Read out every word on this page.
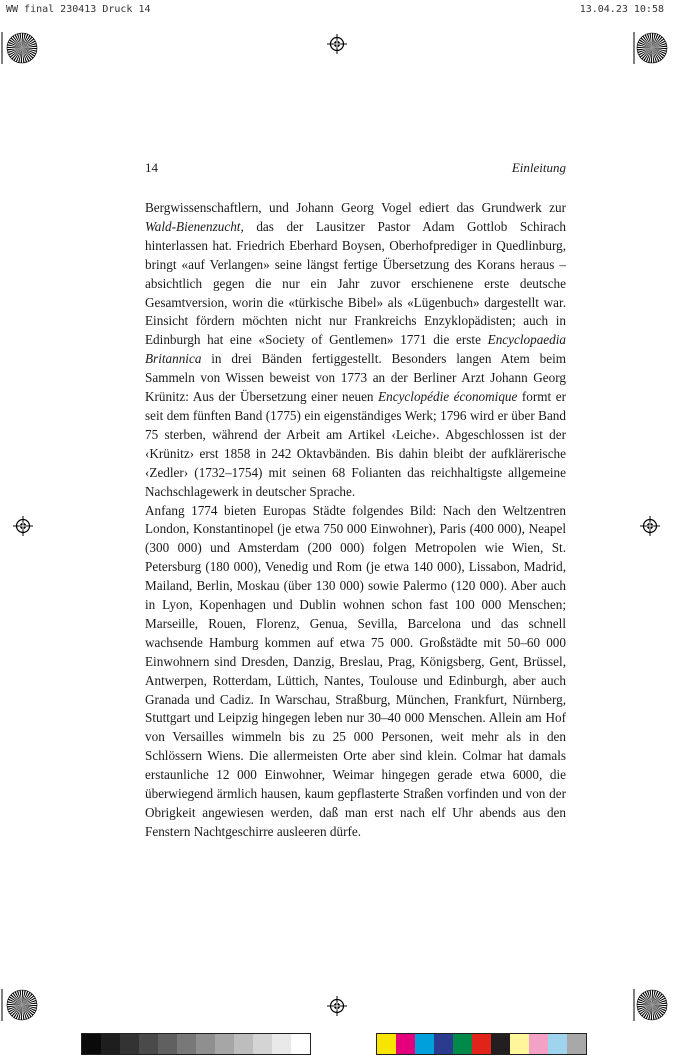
WW final 230413 Druck 14	13.04.23 10:58
14	Einleitung

Bergwissenschaftlern, und Johann Georg Vogel ediert das Grundwerk zur Wald-Bienenzucht, das der Lausitzer Pastor Adam Gottlob Schirach hinterlassen hat. Friedrich Eberhard Boysen, Oberhofprediger in Quedlinburg, bringt «auf Verlangen» seine längst fertige Übersetzung des Korans heraus – absichtlich gegen die nur ein Jahr zuvor erschienene erste deutsche Gesamtversion, worin die «türkische Bibel» als «Lügenbuch» dargestellt war. Einsicht fördern möchten nicht nur Frankreichs Enzyklopädisten; auch in Edinburgh hat eine «Society of Gentlemen» 1771 die erste Encyclopaedia Britannica in drei Bänden fertiggestellt. Besonders langen Atem beim Sammeln von Wissen beweist von 1773 an der Berliner Arzt Johann Georg Krünitz: Aus der Übersetzung einer neuen Encyclopédie économique formt er seit dem fünften Band (1775) ein eigenständiges Werk; 1796 wird er über Band 75 sterben, während der Arbeit am Artikel ‹Leiche›. Abgeschlossen ist der ‹Krünitz› erst 1858 in 242 Oktavbänden. Bis dahin bleibt der aufklärerische ‹Zedler› (1732–1754) mit seinen 68 Folianten das reichhaltigste allgemeine Nachschlagewerk in deutscher Sprache.

Anfang 1774 bieten Europas Städte folgendes Bild: Nach den Weltzentren London, Konstantinopel (je etwa 750 000 Einwohner), Paris (400 000), Neapel (300 000) und Amsterdam (200 000) folgen Metropolen wie Wien, St. Petersburg (180 000), Venedig und Rom (je etwa 140 000), Lissabon, Madrid, Mailand, Berlin, Moskau (über 130 000) sowie Palermo (120 000). Aber auch in Lyon, Kopenhagen und Dublin wohnen schon fast 100 000 Menschen; Marseille, Rouen, Florenz, Genua, Sevilla, Barcelona und das schnell wachsende Hamburg kommen auf etwa 75 000. Großstädte mit 50–60 000 Einwohnern sind Dresden, Danzig, Breslau, Prag, Königsberg, Gent, Brüssel, Antwerpen, Rotterdam, Lüttich, Nantes, Toulouse und Edinburgh, aber auch Granada und Cadiz. In Warschau, Straßburg, München, Frankfurt, Nürnberg, Stuttgart und Leipzig hingegen leben nur 30–40 000 Menschen. Allein am Hof von Versailles wimmeln bis zu 25 000 Personen, weit mehr als in den Schlössern Wiens. Die allermeisten Orte aber sind klein. Colmar hat damals erstaunliche 12 000 Einwohner, Weimar hingegen gerade etwa 6000, die überwiegend ärmlich hausen, kaum gepflasterte Straßen vorfinden und von der Obrigkeit angewiesen werden, daß man erst nach elf Uhr abends aus den Fenstern Nachtgeschirre ausleeren dürfe.
